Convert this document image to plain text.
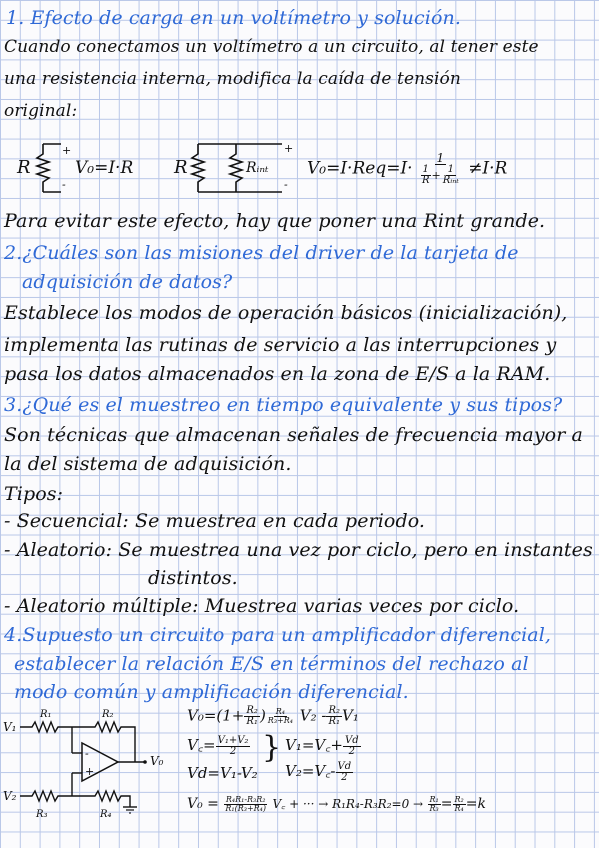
1. Efecto de carga en un voltímetro y solución.
Cuando conectamos un voltímetro a un circuito, al tener este
una resistencia interna, modifica la caída de tensión
original:
R
+
-
V₀=I·R R	Rᵢₙₜ
+
-
$V_0=I\cdot Req=I\cdot \frac{1}{\frac{1}{R} + \frac{1}{\text{Rᵢₙₜ}}} \ne I\cdot R$
Para evitar este efecto, hay que poner una Rint grande.
2.¿Cuáles son las misiones del driver de la tarjeta de
adquisición de datos?
Establece los modos de operación básicos (inicialización),
implementa las rutinas de servicio a las interrupciones y
pasa los datos almacenados en la zona de E/S a la RAM.
3.¿Qué es el muestreo en tiempo equivalente y sus tipos?
Son técnicas que almacenan señales de frecuencia mayor a
la del sistema de adquisición.
Tipos:
- Secuencial: Se muestrea en cada periodo.
- Aleatorio: Se muestrea una vez por ciclo, pero en instantes
distintos.
- Aleatorio múltiple: Muestrea varias veces por ciclo.
4.Supuesto un circuito para un amplificador diferencial,
establecer la relación E/S en términos del rechazo al
modo común y amplificación diferencial.
V₁
V₂
R₁	R₂
R₃	R₄
V₀
-
+
$V_0=(1+ \frac{\text{R₂}}{\text{R₁}}$ ) $\frac{\text{R₄}}{\text{R₃+R₄}} V_2 - \frac{\text{R₂}}{\text{R₁}} V_1$
V꜀= $\frac{\text{V₁+V₂}}{2}$ } V₁=V꜀+ $\frac{Vd}{2}$
Vd=V₁-V₂ V₂=V꜀- $\frac{Vd}{2}$
$V_0 = \frac{\text{R₄R₁-R₃R₂}}{\text{R₁(R₃+R₄)}}$ V꜀ + ··· → $R_1R_4-R_3R_2=0 \to \frac{\text{R₁}}{\text{R₃}} = \frac{\text{R₂}}{\text{R₄}} =k$
